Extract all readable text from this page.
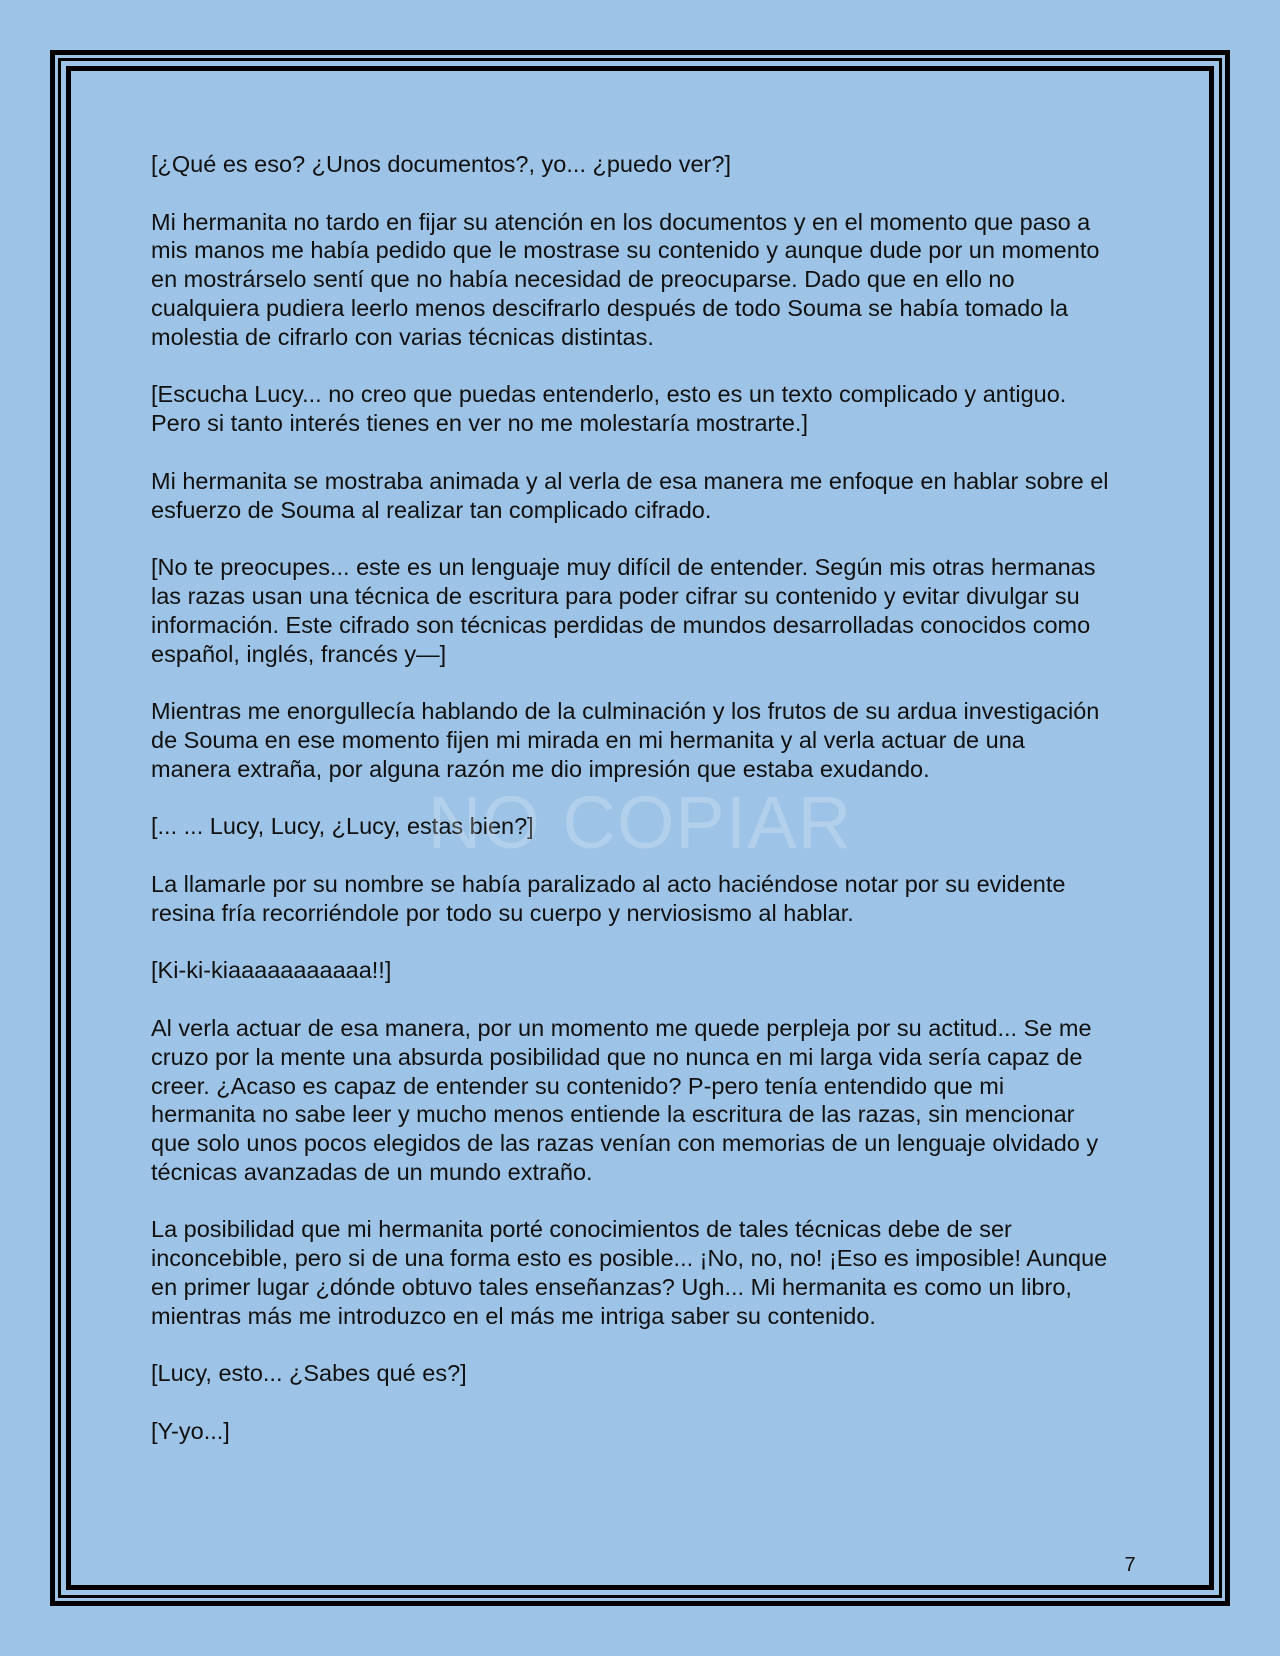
[¿Qué es eso? ¿Unos documentos?, yo... ¿puedo ver?]

Mi hermanita no tardo en fijar su atención en los documentos y en el momento que paso a mis manos me había pedido que le mostrase su contenido y aunque dude por un momento en mostrárselo sentí que no había necesidad de preocuparse. Dado que en ello no cualquiera pudiera leerlo menos descifrarlo después de todo Souma se había tomado la molestia de cifrarlo con varias técnicas distintas.

[Escucha Lucy... no creo que puedas entenderlo, esto es un texto complicado y antiguo. Pero si tanto interés tienes en ver no me molestaría mostrarte.]

Mi hermanita se mostraba animada y al verla de esa manera me enfoque en hablar sobre el esfuerzo de Souma al realizar tan complicado cifrado.

[No te preocupes... este es un lenguaje muy difícil de entender. Según mis otras hermanas las razas usan una técnica de escritura para poder cifrar su contenido y evitar divulgar su información. Este cifrado son técnicas perdidas de mundos desarrolladas conocidos como español, inglés, francés y—]

Mientras me enorgullecía hablando de la culminación y los frutos de su ardua investigación de Souma en ese momento fijen mi mirada en mi hermanita y al verla actuar de una manera extraña, por alguna razón me dio impresión que estaba exudando.

[... ... Lucy, Lucy, ¿Lucy, estas bien?]

La llamarle por su nombre se había paralizado al acto haciéndose notar por su evidente resina fría recorriéndole por todo su cuerpo y nerviosismo al hablar.

[Ki-ki-kiaaaaaaaaaaa!!]

Al verla actuar de esa manera, por un momento me quede perpleja por su actitud... Se me cruzo por la mente una absurda posibilidad que no nunca en mi larga vida sería capaz de creer. ¿Acaso es capaz de entender su contenido? P-pero tenía entendido que mi hermanita no sabe leer y mucho menos entiende la escritura de las razas, sin mencionar que solo unos pocos elegidos de las razas venían con memorias de un lenguaje olvidado y técnicas avanzadas de un mundo extraño.

La posibilidad que mi hermanita porté conocimientos de tales técnicas debe de ser inconcebible, pero si de una forma esto es posible... ¡No, no, no! ¡Eso es imposible! Aunque en primer lugar ¿dónde obtuvo tales enseñanzas? Ugh... Mi hermanita es como un libro, mientras más me introduzco en el más me intriga saber su contenido.

[Lucy, esto... ¿Sabes qué es?]

[Y-yo...]

NO COPIAR
7
